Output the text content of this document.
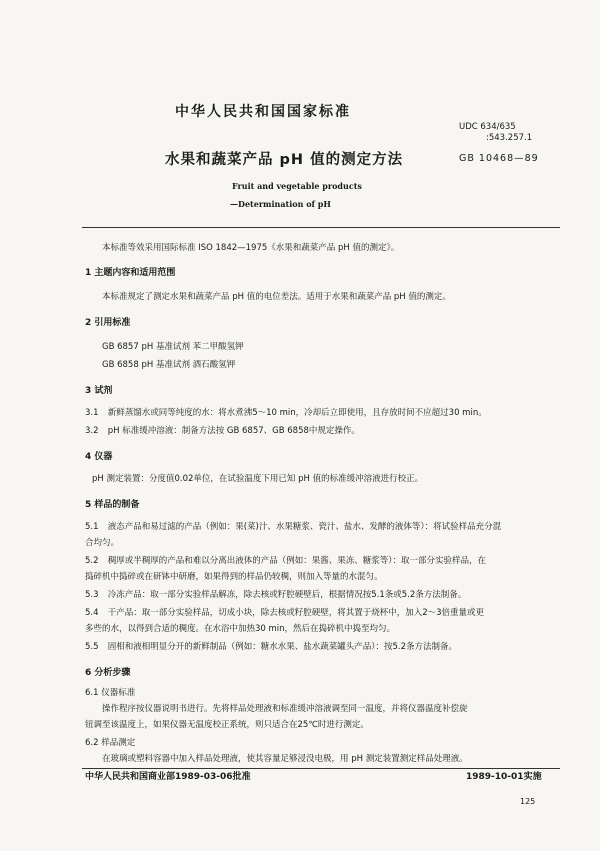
中华人民共和国国家标准
UDC 634/635
:543.257.1
水果和蔬菜产品 pH 值的测定方法	GB 10468—89
Fruit and vegetable products
—Determination of pH
本标准等效采用国际标准 ISO 1842—1975《水果和蔬菜产品 pH 值的测定》。
1 主题内容和适用范围
本标准规定了测定水果和蔬菜产品 pH 值的电位差法。适用于水果和蔬菜产品 pH 值的测定。
2 引用标准
GB 6857 pH 基准试剂 苯二甲酸氢钾
GB 6858 pH 基准试剂 酒石酸氢钾
3 试剂
3.1 新鲜蒸馏水或同等纯度的水：将水煮沸5～10 min，冷却后立即使用，且存放时间不应超过30 min。
3.2 pH 标准缓冲溶液：制备方法按 GB 6857、GB 6858中规定操作。
4 仪器
pH 测定装置：分度值0.02单位，在试验温度下用已知 pH 值的标准缓冲溶液进行校正。
5 样品的制备
5.1 液态产品和易过滤的产品（例如：果(菜)汁、水果糖浆、瓷汁、盐水、发酵的液体等）：将试验样品充分混
合均匀。
5.2 稠厚或半稠厚的产品和难以分离出液体的产品（例如：果酱、果冻、糖浆等）：取一部分实验样品，在
捣碎机中捣碎或在研钵中研磨，如果得到的样品仍较稠，则加入等量的水混匀。
5.3 冷冻产品：取一部分实验样品解冻，除去核或籽腔硬壁后，根据情况按5.1条或5.2条方法制备。
5.4 干产品：取一部分实验样品，切成小块，除去核或籽腔硬壁，将其置于烧杯中，加入2～3倍重量或更
多些的水，以得到合适的稠度。在水浴中加热30 min，然后在捣碎机中捣至均匀。
5.5 固相和液相明显分开的新鲜制品（例如：糖水水果、盐水蔬菜罐头产品）：按5.2条方法制备。
6 分析步骤
6.1 仪器标准
操作程序按仪器说明书进行。先将样品处理液和标准缓冲溶液调至同一温度，并将仪器温度补偿旋
钮调至该温度上，如果仪器无温度校正系统，则只适合在25℃时进行测定。
6.2 样品测定
在玻璃或塑料容器中加入样品处理液，使其容量足够浸没电极，用 pH 测定装置测定样品处理液。
中华人民共和国商业部1989-03-06批准	1989-10-01实施
125
